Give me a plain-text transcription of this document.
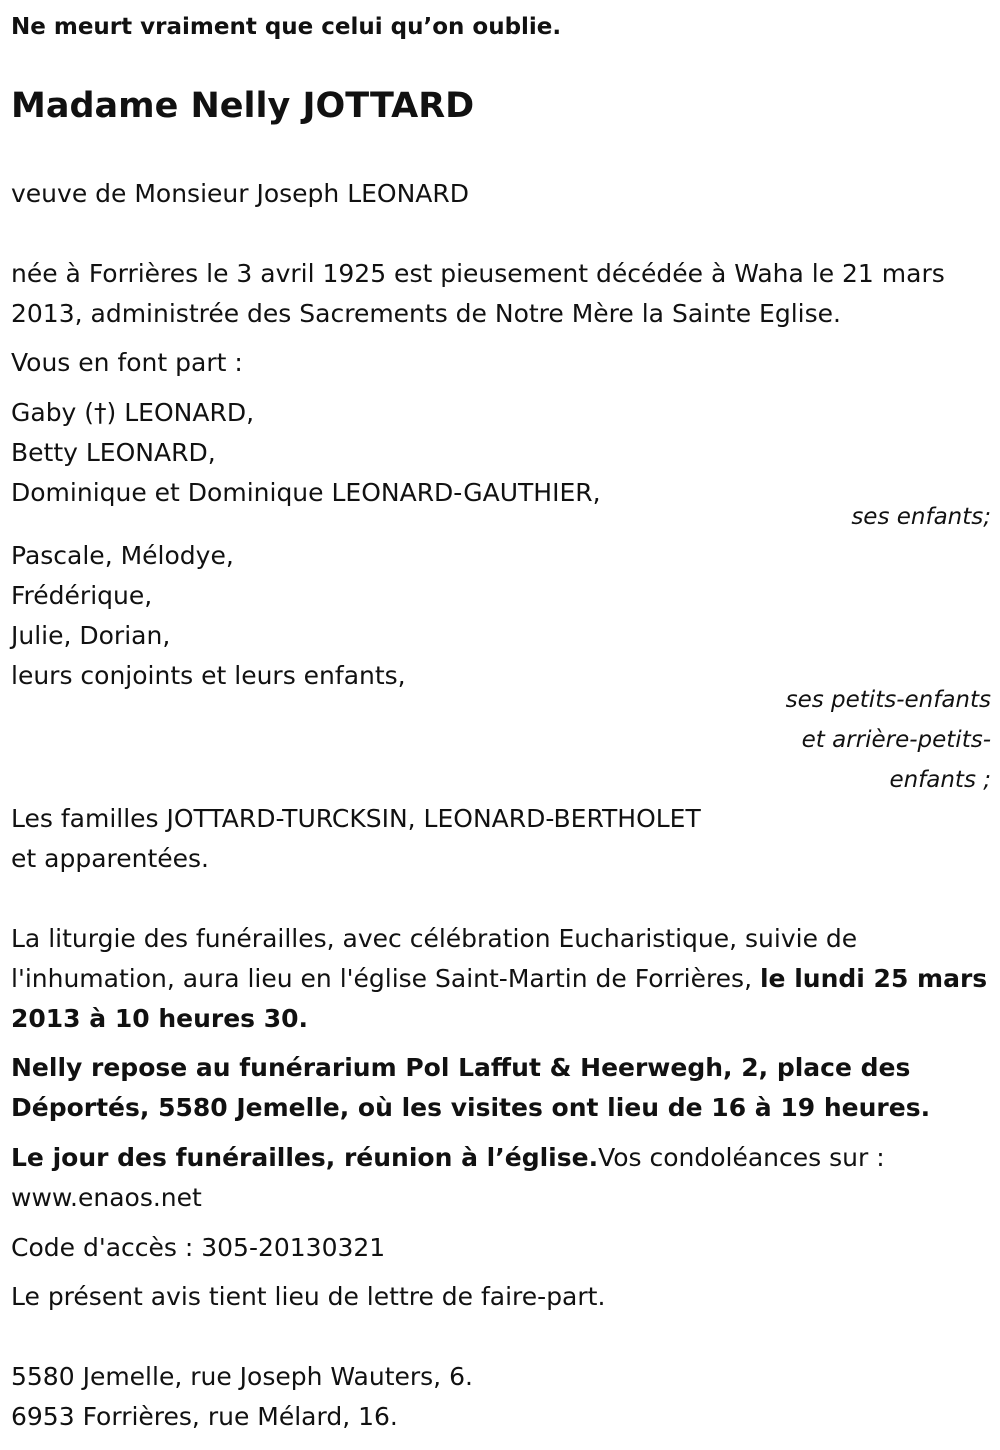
Ne meurt vraiment que celui qu’on oublie.
Madame Nelly JOTTARD
veuve de Monsieur Joseph LEONARD
née à Forrières le 3 avril 1925 est pieusement décédée à Waha le 21 mars
2013, administrée des Sacrements de Notre Mère la Sainte Eglise.
Vous en font part :
Gaby (†) LEONARD,
Betty LEONARD,
Dominique et Dominique LEONARD-GAUTHIER,
ses enfants;
Pascale, Mélodye,
Frédérique,
Julie, Dorian,
leurs conjoints et leurs enfants,
ses petits-enfants
et arrière-petits-
enfants ;
Les familles JOTTARD-TURCKSIN, LEONARD-BERTHOLET
et apparentées.
La liturgie des funérailles, avec célébration Eucharistique, suivie de l'inhumation, aura lieu en l'église Saint-Martin de Forrières, le lundi 25 mars 2013 à 10 heures 30.
Nelly repose au funérarium Pol Laffut & Heerwegh, 2, place des Déportés, 5580 Jemelle, où les visites ont lieu de 16 à 19 heures.
Le jour des funérailles, réunion à l’église.Vos condoléances sur : www.enaos.net
Code d'accès : 305-20130321
Le présent avis tient lieu de lettre de faire-part.
5580 Jemelle, rue Joseph Wauters, 6.
6953 Forrières, rue Mélard, 16.
